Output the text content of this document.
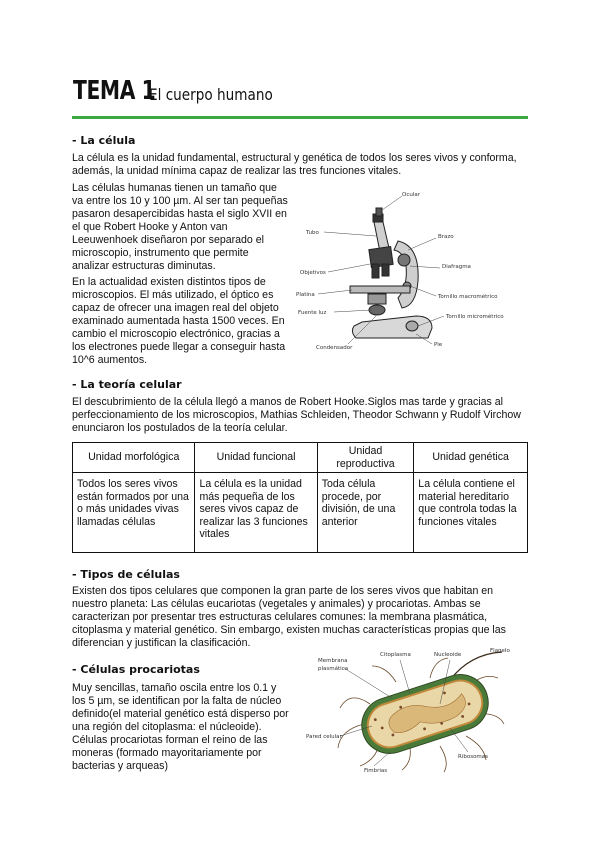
TEMA 1
El cuerpo humano
- La célula

La célula es la unidad fundamental, estructural y genética de todos los seres vivos y conforma, además, la unidad mínima capaz de realizar las tres funciones vitales.

Las células humanas tienen un tamaño que va entre los 10 y 100 µm. Al ser tan pequeñas pasaron desapercibidas hasta el siglo XVII en el que Robert Hooke y Anton van Leeuwenhoek diseñaron por separado el microscopio, instrumento que permite analizar estructuras diminutas.

En la actualidad existen distintos tipos de microscopios. El más utilizado, el óptico es capaz de ofrecer una imagen real del objeto examinado aumentada hasta 1500 veces. En cambio el microscopio electrónico, gracias a los electrones puede llegar a conseguir hasta 10^6 aumentos.

Ocular
Tubo
Brazo
Objetivos
Diafragma
Platina	Tornillo macrométrico
Fuente luz
Tornillo micrométrico
Condensador	Pie
- La teoría celular

El descubrimiento de la célula llegó a manos de Robert Hooke.Siglos mas tarde y gracias al perfeccionamiento de los microscopios, Mathias Schleiden, Theodor Schwann y Rudolf Virchow enunciaron los postulados de la teoría celular.

Unidad morfológica	Unidad funcional	Unidad reproductiva	Unidad genética
Todos los seres vivos están formados por una o más unidades vivas llamadas células	La célula es la unidad más pequeña de los seres vivos capaz de realizar las 3 funciones vitales	Toda célula procede, por división, de una anterior	La célula contiene el material hereditario que controla todas la funciones vitales
- Tipos de células

Existen dos tipos celulares que componen la gran parte de los seres vivos que habitan en nuestro planeta: Las células eucariotas (vegetales y animales) y procariotas. Ambas se caracterizan por presentar tres estructuras celulares comunes: la membrana plasmática, citoplasma y material genético. Sin embargo, existen muchas características propias que las diferencian y justifican la clasificación.

- Células procariotas

Muy sencillas, tamaño oscila entre los 0.1 y los 5 µm, se identifican por la falta de núcleo definido(el material genético está disperso por una región del citoplasma: el núcleoide). Células procariotas forman el reino de las moneras (formado mayoritariamente por bacterias y arqueas)

Membrana
plasmática
Citoplasma	Nucleoide
Flagelo
Pared celular
Ribosomas
Fimbrias
